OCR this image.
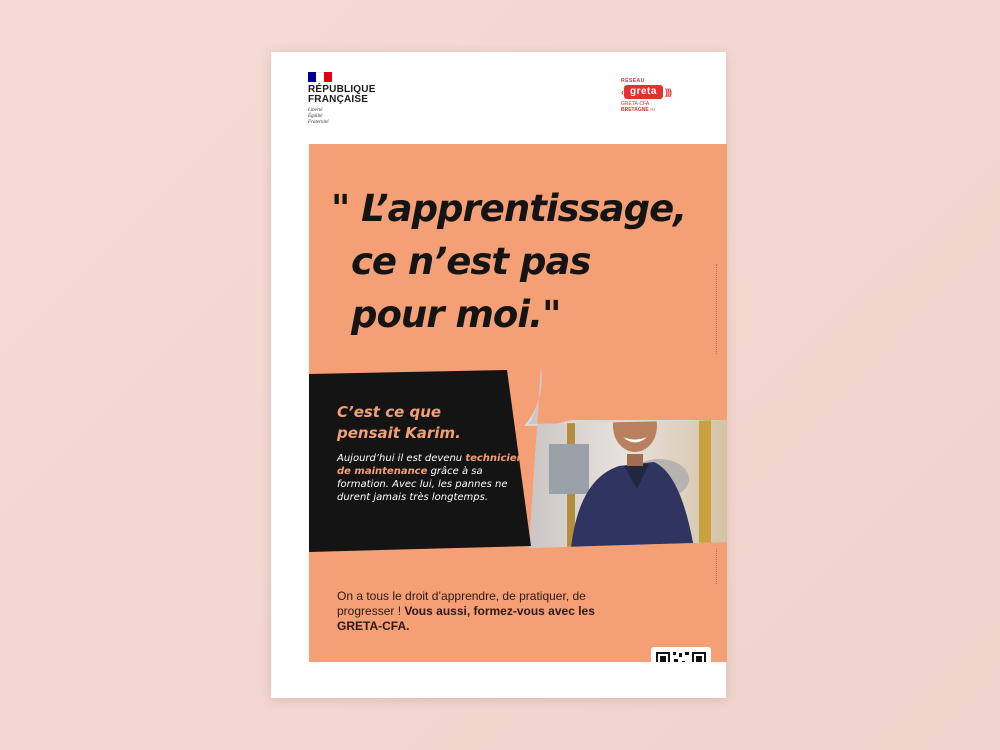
RÉPUBLIQUE
FRANÇAISE
Liberté
Égalité
Fraternité
RÉSEAU
‹ greta )))
GRETA-CFA
BRETAGNE ›››
" L’apprentissage,
ce n’est pas
pour moi."
C’est ce que
pensait Karim.
Aujourd’hui il est devenu technicien de maintenance grâce à sa formation. Avec lui, les pannes ne durent jamais très longtemps.
On a tous le droit d’apprendre, de pratiquer, de progresser ! Vous aussi, formez-vous avec les GRETA-CFA.
